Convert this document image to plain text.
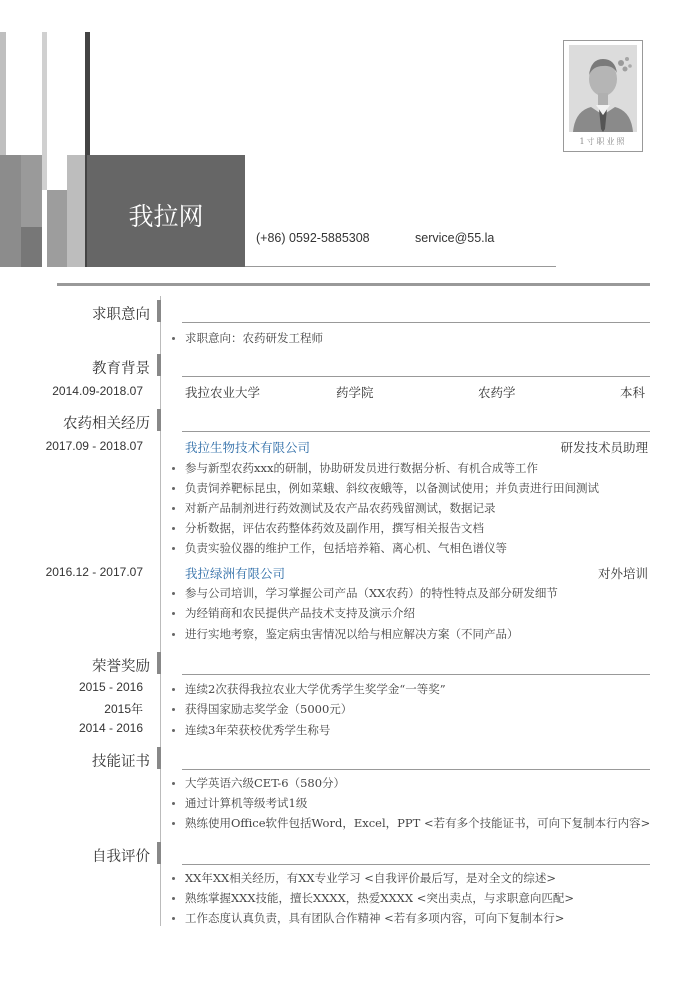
我拉网
(+86) 0592-5885308	service@55.la
1寸职业照
求职意向
求职意向：农药研发工程师
教育背景
2014.09-2018.07	我拉农业大学	药学院	农药学	本科
农药相关经历
2017.09 - 2018.07	我拉生物技术有限公司	研发技术员助理
参与新型农药xxx的研制，协助研发员进行数据分析、有机合成等工作
负责饲养靶标昆虫，例如菜蛾、斜纹夜蛾等，以备测试使用；并负责进行田间测试
对新产品制剂进行药效测试及农产品农药残留测试，数据记录
分析数据，评估农药整体药效及副作用，撰写相关报告文档
负责实验仪器的维护工作，包括培养箱、离心机、气相色谱仪等
2016.12 - 2017.07	我拉绿洲有限公司	对外培训
参与公司培训，学习掌握公司产品（XX农药）的特性特点及部分研发细节
为经销商和农民提供产品技术支持及演示介绍
进行实地考察，鉴定病虫害情况以给与相应解决方案（不同产品）
荣誉奖励
2015 - 2016	连续2次获得我拉农业大学优秀学生奖学金“一等奖”
2015年	获得国家励志奖学金（5000元）
2014 - 2016	连续3年荣获校优秀学生称号
技能证书
大学英语六级CET-6（580分）
通过计算机等级考试1级
熟练使用Office软件包括Word，Excel，PPT <若有多个技能证书，可向下复制本行内容>
自我评价
XX年XX相关经历，有XX专业学习 <自我评价最后写，是对全文的综述>
熟练掌握XXX技能，擅长XXXX，热爱XXXX <突出卖点，与求职意向匹配>
工作态度认真负责，具有团队合作精神 <若有多项内容，可向下复制本行>
